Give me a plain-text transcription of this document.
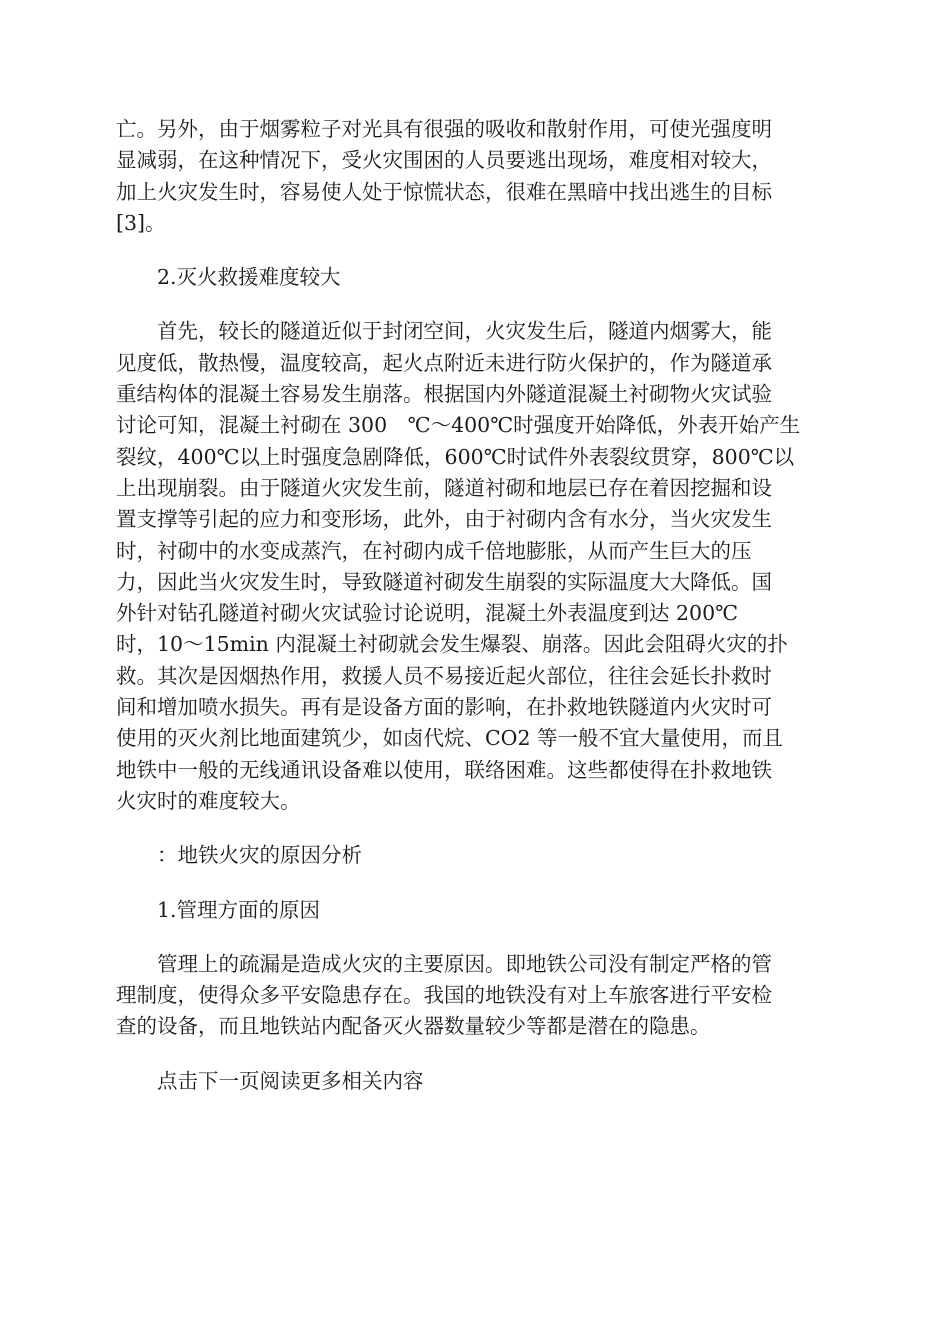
亡。另外，由于烟雾粒子对光具有很强的吸收和散射作用，可使光强度明
显减弱，在这种情况下，受火灾围困的人员要逃出现场，难度相对较大，
加上火灾发生时，容易使人处于惊慌状态，很难在黑暗中找出逃生的目标
[3]。
2.灭火救援难度较大
首先，较长的隧道近似于封闭空间，火灾发生后，隧道内烟雾大，能
见度低，散热慢，温度较高，起火点附近未进行防火保护的，作为隧道承
重结构体的混凝土容易发生崩落。根据国内外隧道混凝土衬砌物火灾试验
讨论可知，混凝土衬砌在 300　℃～400℃时强度开始降低，外表开始产生
裂纹，400℃以上时强度急剧降低，600℃时试件外表裂纹贯穿，800℃以
上出现崩裂。由于隧道火灾发生前，隧道衬砌和地层已存在着因挖掘和设
置支撑等引起的应力和变形场，此外，由于衬砌内含有水分，当火灾发生
时，衬砌中的水变成蒸汽，在衬砌内成千倍地膨胀，从而产生巨大的压
力，因此当火灾发生时，导致隧道衬砌发生崩裂的实际温度大大降低。国
外针对钻孔隧道衬砌火灾试验讨论说明，混凝土外表温度到达 200℃
时，10～15min 内混凝土衬砌就会发生爆裂、崩落。因此会阻碍火灾的扑
救。其次是因烟热作用，救援人员不易接近起火部位，往往会延长扑救时
间和增加喷水损失。再有是设备方面的影响，在扑救地铁隧道内火灾时可
使用的灭火剂比地面建筑少，如卤代烷、CO2 等一般不宜大量使用，而且
地铁中一般的无线通讯设备难以使用，联络困难。这些都使得在扑救地铁
火灾时的难度较大。
：地铁火灾的原因分析
1.管理方面的原因
管理上的疏漏是造成火灾的主要原因。即地铁公司没有制定严格的管
理制度，使得众多平安隐患存在。我国的地铁没有对上车旅客进行平安检
查的设备，而且地铁站内配备灭火器数量较少等都是潜在的隐患。
点击下一页阅读更多相关内容
